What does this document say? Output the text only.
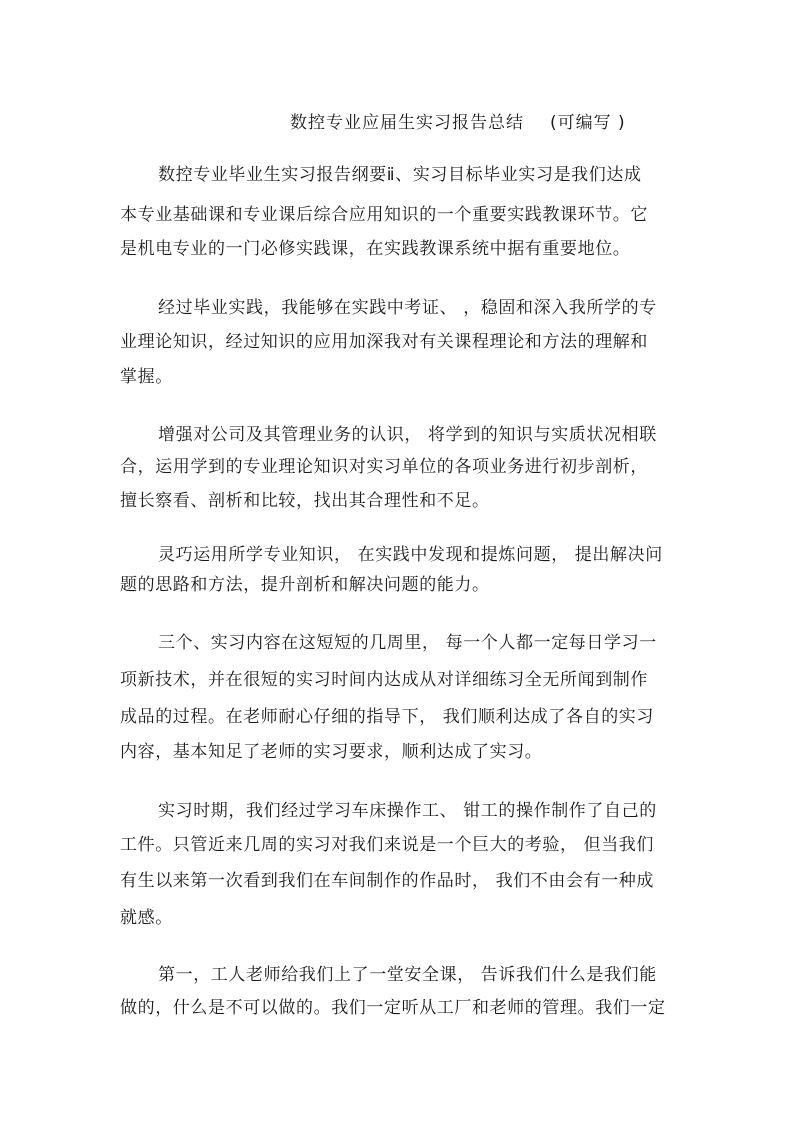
数控专业应届生实习报告总结 (可编写 )
数控专业毕业生实习报告纲要ⅱ、实习目标毕业实习是我们达成
本专业基础课和专业课后综合应用知识的一个重要实践教课环节。它
是机电专业的一门必修实践课，在实践教课系统中据有重要地位。
经过毕业实践，我能够在实践中考证、 ，稳固和深入我所学的专
业理论知识，经过知识的应用加深我对有关课程理论和方法的理解和
掌握。
增强对公司及其管理业务的认识， 将学到的知识与实质状况相联
合，运用学到的专业理论知识对实习单位的各项业务进行初步剖析，
擅长察看、剖析和比较，找出其合理性和不足。
灵巧运用所学专业知识， 在实践中发现和提炼问题， 提出解决问
题的思路和方法，提升剖析和解决问题的能力。
三个、实习内容在这短短的几周里， 每一个人都一定每日学习一
项新技术，并在很短的实习时间内达成从对详细练习全无所闻到制作
成品的过程。在老师耐心仔细的指导下， 我们顺利达成了各自的实习
内容，基本知足了老师的实习要求，顺利达成了实习。
实习时期，我们经过学习车床操作工、 钳工的操作制作了自己的
工件。只管近来几周的实习对我们来说是一个巨大的考验， 但当我们
有生以来第一次看到我们在车间制作的作品时， 我们不由会有一种成
就感。
第一，工人老师给我们上了一堂安全课， 告诉我们什么是我们能
做的，什么是不可以做的。我们一定听从工厂和老师的管理。我们一定
